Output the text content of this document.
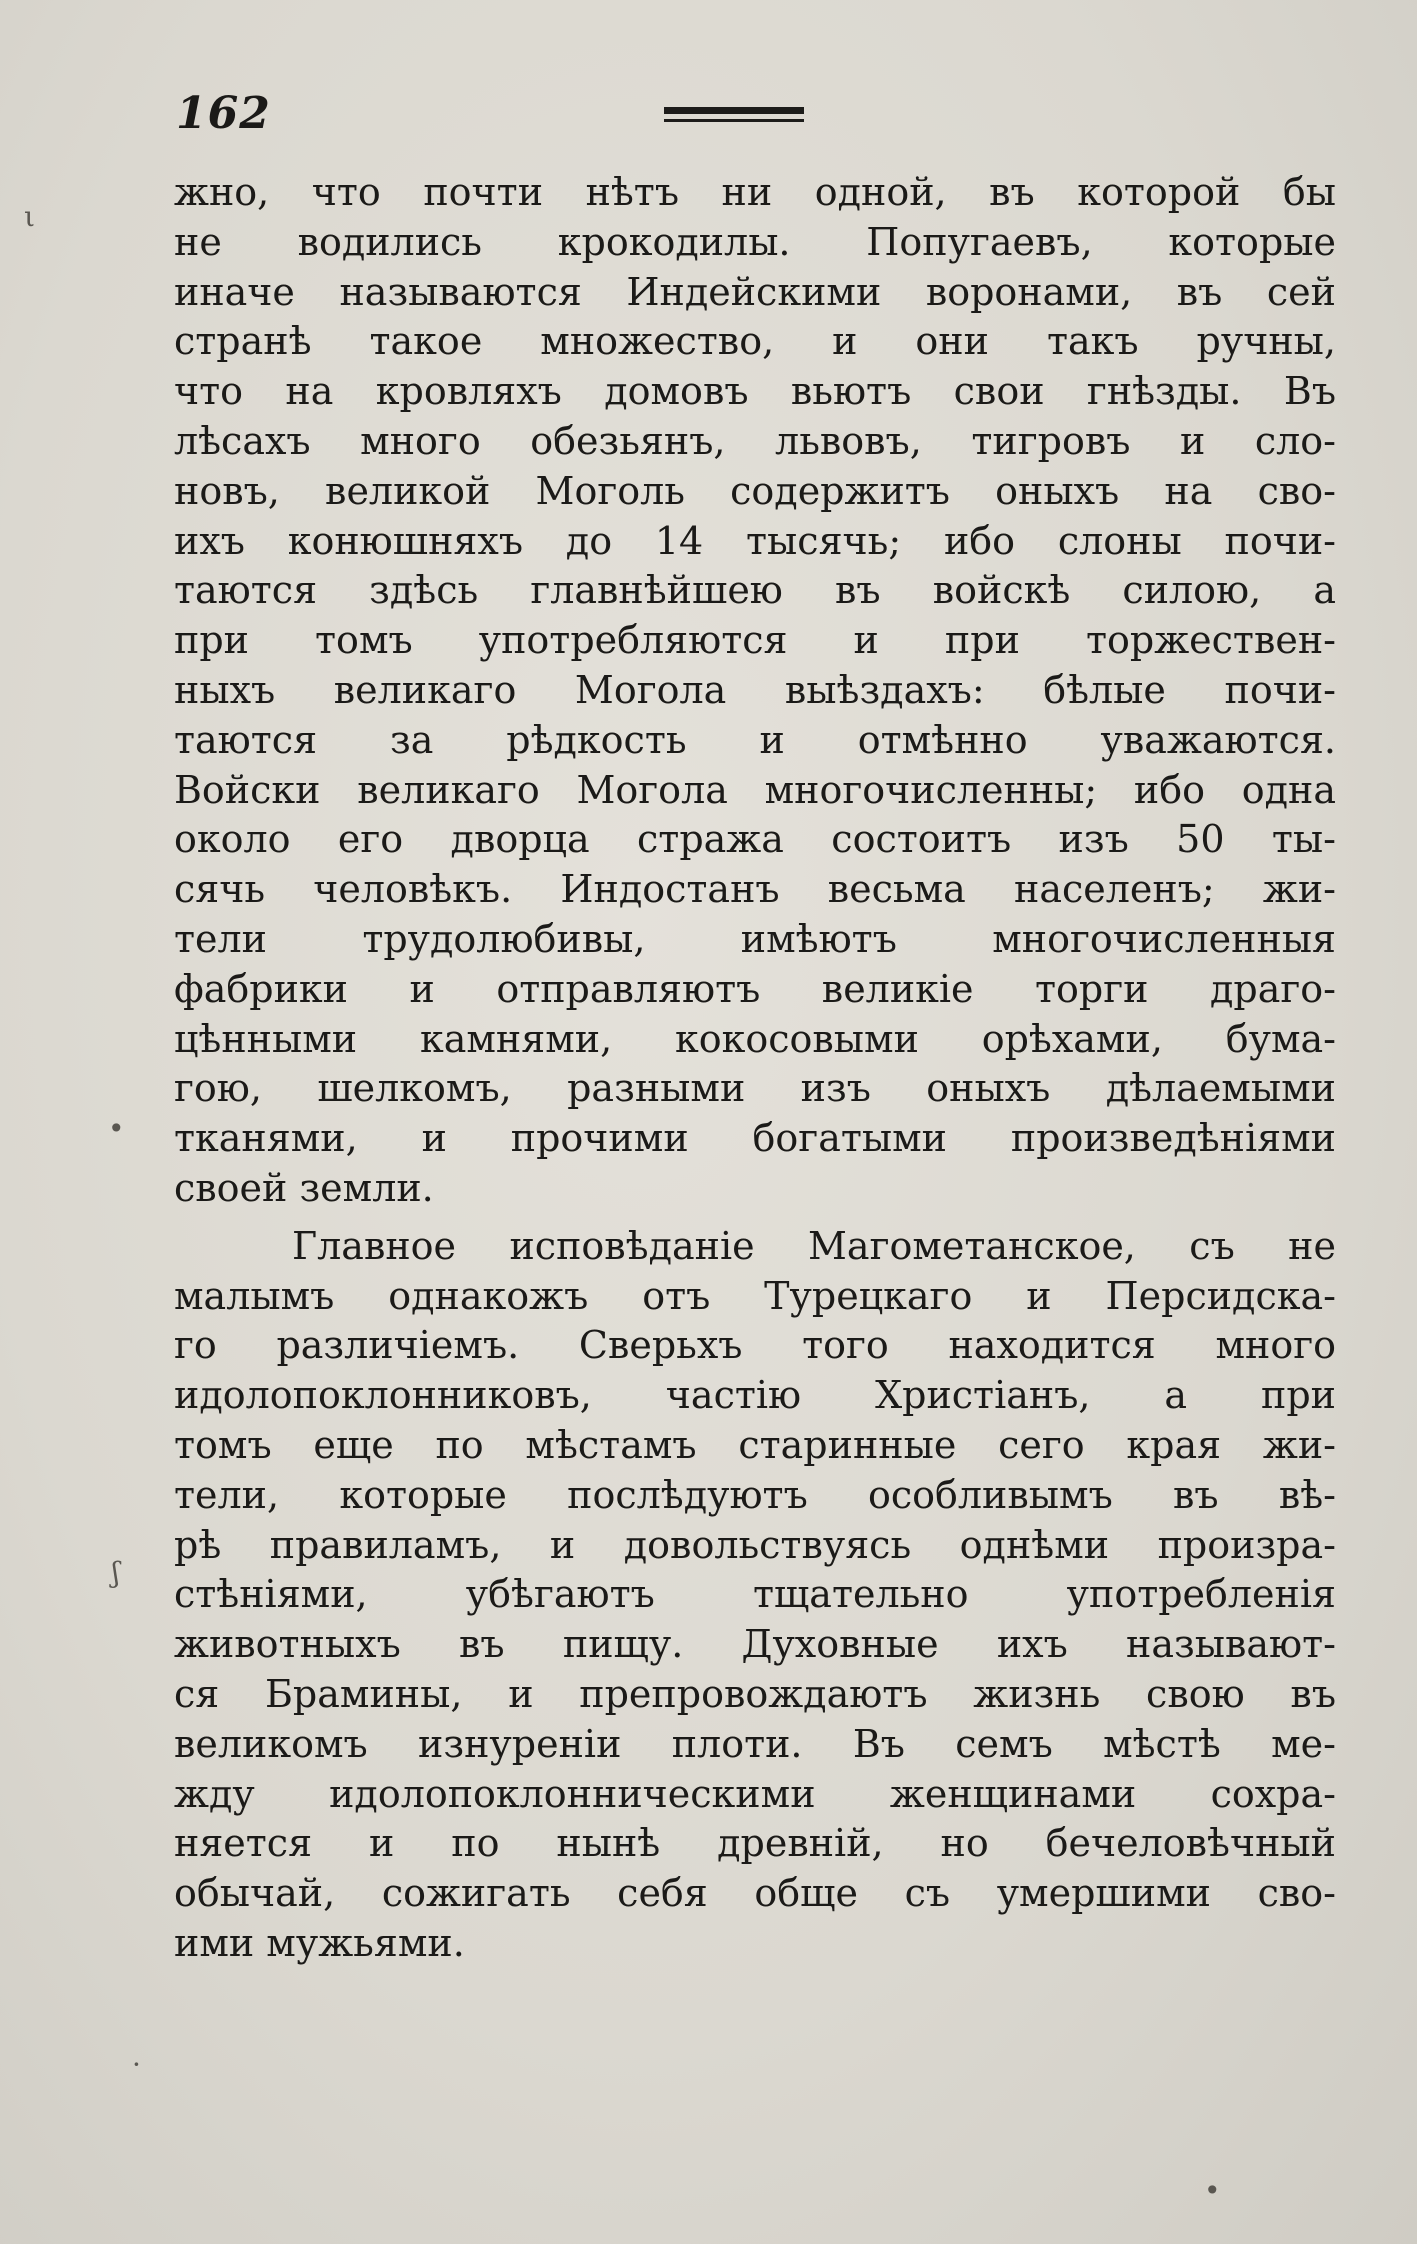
162
ι
•
ʃ
·
•
жно, что почти нѣтъ ни одной, въ которой бы
не водились крокодилы. Попугаевъ, которые
иначе называются Индейскими воронами, въ сей
странѣ такое множество, и они такъ ручны,
что на кровляхъ домовъ вьютъ свои гнѣзды. Въ
лѣсахъ много обезьянъ, львовъ, тигровъ и сло-
новъ, великой Моголь содержитъ оныхъ на сво-
ихъ конюшняхъ до 14 тысячь; ибо слоны почи-
таются здѣсь главнѣйшею въ войскѣ силою, а
при томъ употребляются и при торжествен-
ныхъ великаго Могола выѣздахъ: бѣлые почи-
таются за рѣдкость и отмѣнно уважаются.
Войски великаго Могола многочисленны; ибо одна
около его дворца стража состоитъ изъ 50 ты-
сячь человѣкъ. Индостанъ весьма населенъ; жи-
тели трудолюбивы, имѣютъ многочисленныя
фабрики и отправляютъ великіе торги драго-
цѣнными камнями, кокосовыми орѣхами, бума-
гою, шелкомъ, разными изъ оныхъ дѣлаемыми
тканями, и прочими богатыми произведѣніями
своей земли.
Главное исповѣданіе Магометанское, съ не
малымъ однакожъ отъ Турецкаго и Персидска-
го различіемъ. Сверьхъ того находится много
идолопоклонниковъ, частію Христіанъ, а при
томъ еще по мѣстамъ старинные сего края жи-
тели, которые послѣдуютъ особливымъ въ вѣ-
рѣ правиламъ, и довольствуясь однѣми произра-
стѣніями, убѣгаютъ тщательно употребленія
животныхъ въ пищу. Духовные ихъ называют-
ся Брамины, и препровождаютъ жизнь свою въ
великомъ изнуреніи плоти. Въ семъ мѣстѣ ме-
жду идолопоклонническими женщинами сохра-
няется и по нынѣ древній, но бечеловѣчный
обычай, сожигать себя обще съ умершими сво-
ими мужьями.
